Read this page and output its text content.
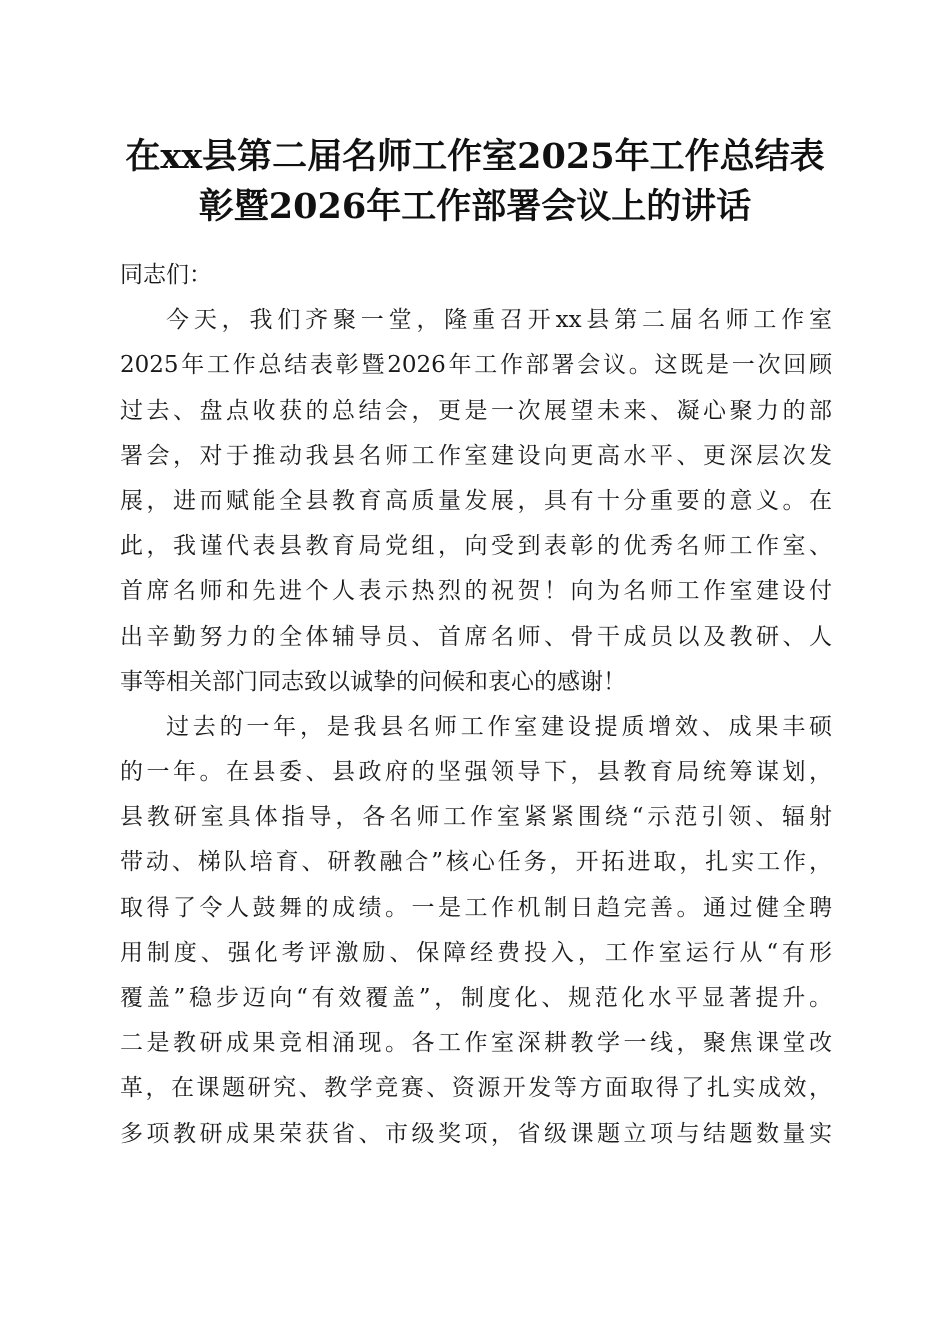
在xx县第二届名师工作室2025年工作总结表
彰暨2026年工作部署会议上的讲话
同志们：
今天，我们齐聚一堂，隆重召开xx县第二届名师工作室
2025年工作总结表彰暨2026年工作部署会议。这既是一次回顾
过去、盘点收获的总结会，更是一次展望未来、凝心聚力的部
署会，对于推动我县名师工作室建设向更高水平、更深层次发
展，进而赋能全县教育高质量发展，具有十分重要的意义。在
此，我谨代表县教育局党组，向受到表彰的优秀名师工作室、
首席名师和先进个人表示热烈的祝贺！向为名师工作室建设付
出辛勤努力的全体辅导员、首席名师、骨干成员以及教研、人
事等相关部门同志致以诚挚的问候和衷心的感谢！
过去的一年，是我县名师工作室建设提质增效、成果丰硕
的一年。在县委、县政府的坚强领导下，县教育局统筹谋划，
县教研室具体指导，各名师工作室紧紧围绕“示范引领、辐射
带动、梯队培育、研教融合”核心任务，开拓进取，扎实工作，
取得了令人鼓舞的成绩。一是工作机制日趋完善。通过健全聘
用制度、强化考评激励、保障经费投入，工作室运行从“有形
覆盖”稳步迈向“有效覆盖”，制度化、规范化水平显著提升。
二是教研成果竞相涌现。各工作室深耕教学一线，聚焦课堂改
革，在课题研究、教学竞赛、资源开发等方面取得了扎实成效，
多项教研成果荣获省、市级奖项，省级课题立项与结题数量实
